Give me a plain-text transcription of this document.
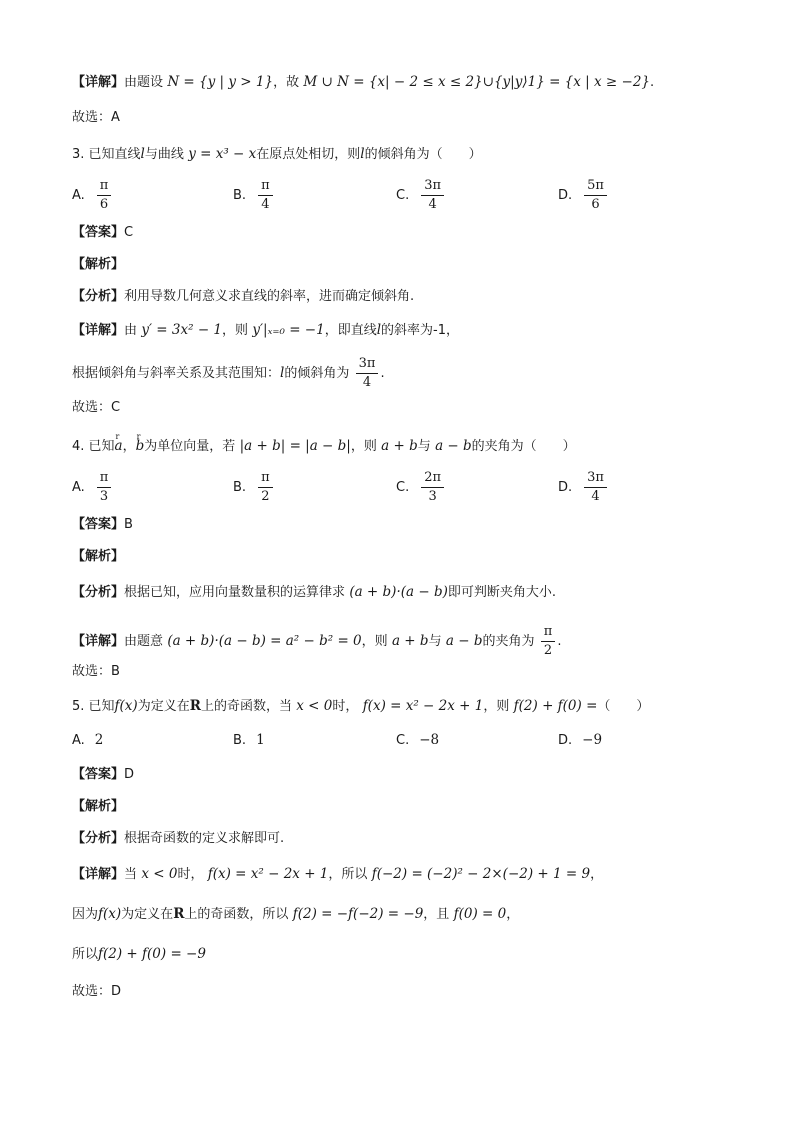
【详解】由题设 N = {y | y > 1}，故 M ∪ N = {x| − 2 ≤ x ≤ 2}∪{y|y⟩1} = {x | x ≥ −2}.
故选：A
3. 已知直线l与曲线 y = x³ − x在原点处相切，则l的倾斜角为（　　）
A. $\frac{\pi}{6}$	B. $\frac{\pi}{4}$	C. $\frac{3\pi}{4}$	D. $\frac{5\pi}{6}$
【答案】C
【解析】
【分析】利用导数几何意义求直线的斜率，进而确定倾斜角.
【详解】由 y′ = 3x² − 1，则 y′|ₓ₌₀ = −1，即直线l的斜率为-1，
根据倾斜角与斜率关系及其范围知：l的倾斜角为 $\frac{3\pi}{4}$ .
故选：C
4. 已知r a，r b为单位向量，若 |a + b| = |a − b|，则 a + b与 a − b的夹角为（　　）
A. $\frac{\pi}{3}$	B. $\frac{\pi}{2}$	C. $\frac{2\pi}{3}$	D. $\frac{3\pi}{4}$
【答案】B
【解析】
【分析】根据已知，应用向量数量积的运算律求 (a + b)·(a − b)即可判断夹角大小.
【详解】由题意 (a + b)·(a − b) = a² − b² = 0，则 a + b与 a − b的夹角为 $\frac{\pi}{2}$ .
故选：B
5. 已知f(x)为定义在R上的奇函数，当 x < 0时， f(x) = x² − 2x + 1，则 f(2) + f(0) =（　　）
A. 2	B. 1	C. −8	D. −9
【答案】D
【解析】
【分析】根据奇函数的定义求解即可.
【详解】当 x < 0时， f(x) = x² − 2x + 1，所以 f(−2) = (−2)² − 2×(−2) + 1 = 9，
因为f(x)为定义在R上的奇函数，所以 f(2) = −f(−2) = −9，且 f(0) = 0，
所以f(2) + f(0) = −9
故选：D
